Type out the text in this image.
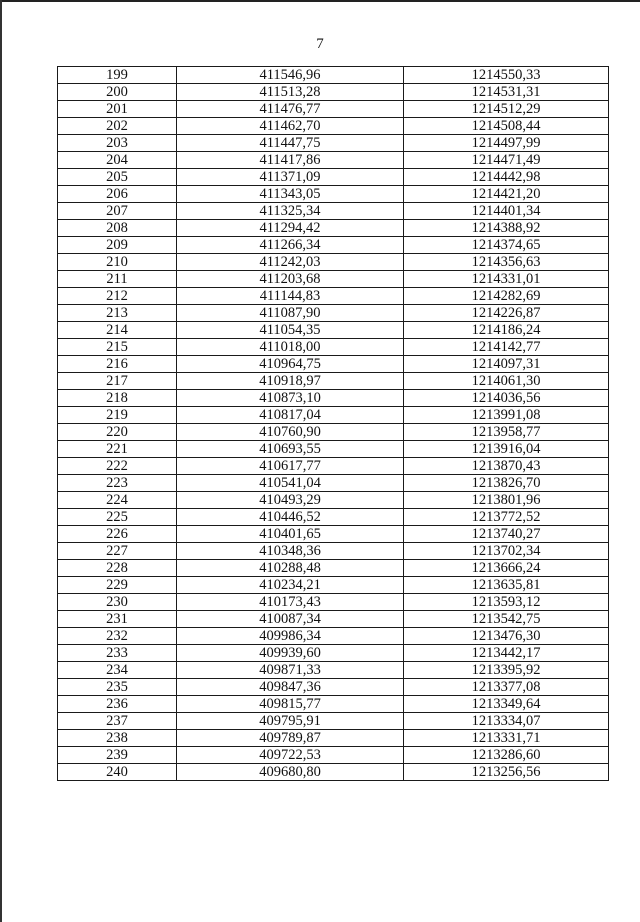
7
199	411546,96	1214550,33
200	411513,28	1214531,31
201	411476,77	1214512,29
202	411462,70	1214508,44
203	411447,75	1214497,99
204	411417,86	1214471,49
205	411371,09	1214442,98
206	411343,05	1214421,20
207	411325,34	1214401,34
208	411294,42	1214388,92
209	411266,34	1214374,65
210	411242,03	1214356,63
211	411203,68	1214331,01
212	411144,83	1214282,69
213	411087,90	1214226,87
214	411054,35	1214186,24
215	411018,00	1214142,77
216	410964,75	1214097,31
217	410918,97	1214061,30
218	410873,10	1214036,56
219	410817,04	1213991,08
220	410760,90	1213958,77
221	410693,55	1213916,04
222	410617,77	1213870,43
223	410541,04	1213826,70
224	410493,29	1213801,96
225	410446,52	1213772,52
226	410401,65	1213740,27
227	410348,36	1213702,34
228	410288,48	1213666,24
229	410234,21	1213635,81
230	410173,43	1213593,12
231	410087,34	1213542,75
232	409986,34	1213476,30
233	409939,60	1213442,17
234	409871,33	1213395,92
235	409847,36	1213377,08
236	409815,77	1213349,64
237	409795,91	1213334,07
238	409789,87	1213331,71
239	409722,53	1213286,60
240	409680,80	1213256,56
